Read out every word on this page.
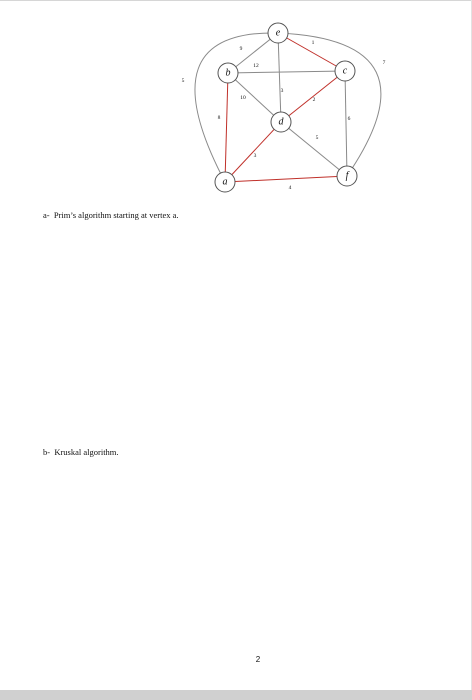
9
1
12
3
10	2
8	6
5
3
4
5
7
e
b	c
d
a
f
a-  Prim’s algorithm starting at vertex a.
b-  Kruskal algorithm.
2
